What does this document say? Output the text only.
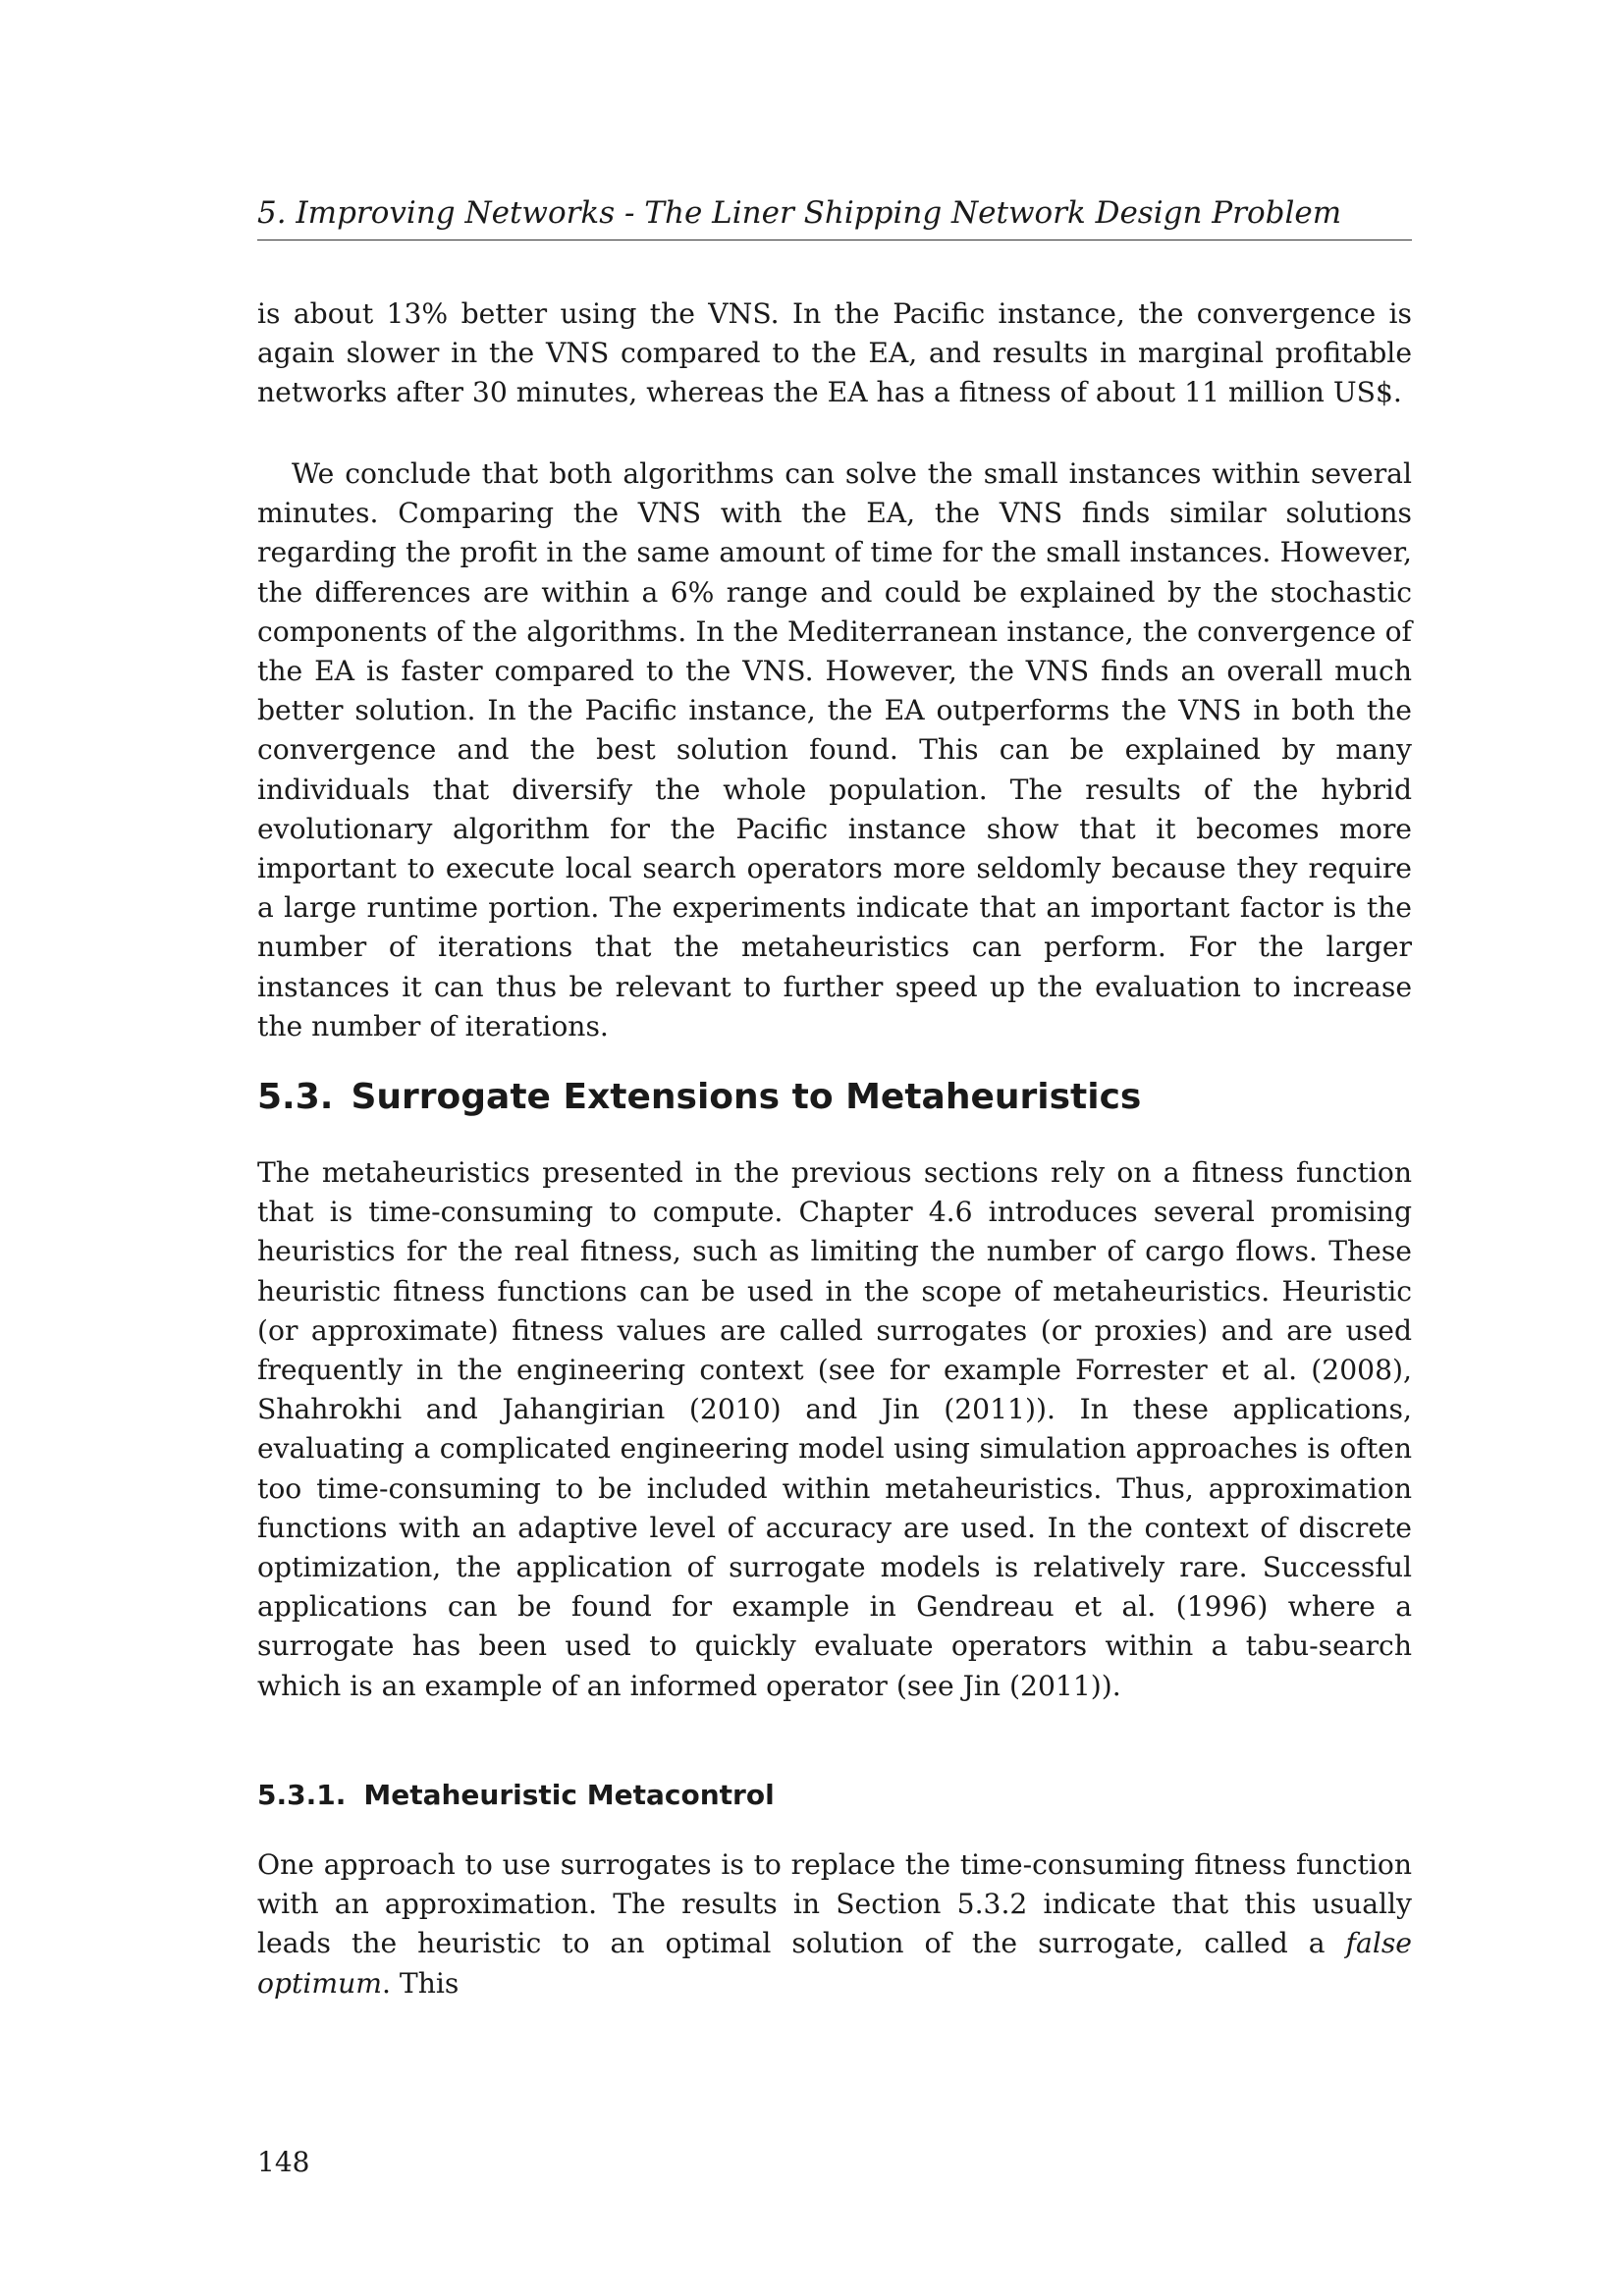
5. Improving Networks - The Liner Shipping Network Design Problem

is about 13% better using the VNS. In the Pacific instance, the convergence is again slower in the VNS compared to the EA, and results in marginal profitable networks after 30 minutes, whereas the EA has a fitness of about 11 million US$.

We conclude that both algorithms can solve the small instances within several minutes. Comparing the VNS with the EA, the VNS finds similar solutions regarding the profit in the same amount of time for the small instances. However, the differences are within a 6% range and could be explained by the stochastic components of the algorithms. In the Mediterranean instance, the convergence of the EA is faster compared to the VNS. However, the VNS finds an overall much better solution. In the Pacific instance, the EA outperforms the VNS in both the convergence and the best solution found. This can be explained by many individuals that diversify the whole population. The results of the hybrid evolutionary algorithm for the Pacific instance show that it becomes more important to execute local search operators more seldomly because they require a large runtime portion. The experiments indicate that an important factor is the number of iterations that the metaheuristics can perform. For the larger instances it can thus be relevant to further speed up the evaluation to increase the number of iterations.

5.3. Surrogate Extensions to Metaheuristics

The metaheuristics presented in the previous sections rely on a fitness function that is time-consuming to compute. Chapter 4.6 introduces several promising heuristics for the real fitness, such as limiting the number of cargo flows. These heuristic fitness functions can be used in the scope of metaheuristics. Heuristic (or approximate) fitness values are called surrogates (or proxies) and are used frequently in the engineering context (see for example Forrester et al. (2008), Shahrokhi and Jahangirian (2010) and Jin (2011)). In these applications, evaluating a complicated engineering model using simulation approaches is often too time-consuming to be included within metaheuristics. Thus, approximation functions with an adaptive level of accuracy are used. In the context of discrete optimization, the application of surrogate models is relatively rare. Successful applications can be found for example in Gendreau et al. (1996) where a surrogate has been used to quickly evaluate operators within a tabu-search which is an example of an informed operator (see Jin (2011)).

5.3.1. Metaheuristic Metacontrol

One approach to use surrogates is to replace the time-consuming fitness function with an approximation. The results in Section 5.3.2 indicate that this usually leads the heuristic to an optimal solution of the surrogate, called a false optimum. This

148
